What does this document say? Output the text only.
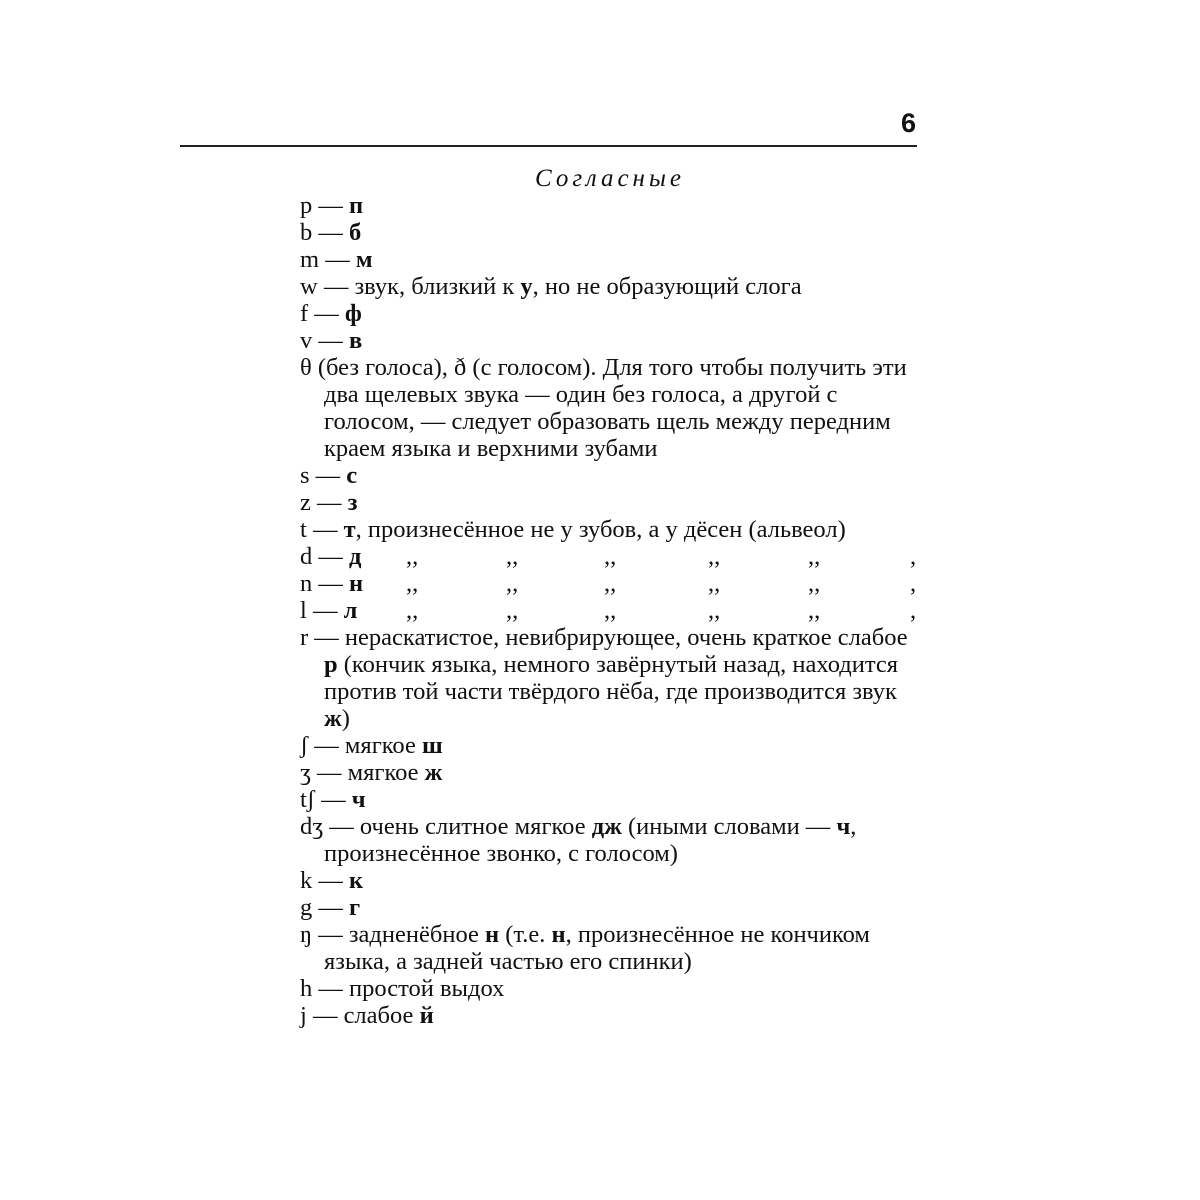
6
Согласные

p — п

b — б

m — м

w — звук, близкий к у, но не образующий слога

f — ф

v — в

θ (без голоса), ð (с голосом). Для того чтобы получить эти два щелевых звука — один без голоса, а другой с голосом, — следует образовать щель между передним краем языка и верхними зубами

s — с

z — з

t — т, произнесённое не у зубов, а у дёсен (альвеол)

d — д	,,	,,	,,	,,	,,	,

n — н	,,	,,	,,	,,	,,	,

l — л	,,	,,	,,	,,	,,	,

r — нераскатистое, невибрирующее, очень краткое слабое р (кончик языка, немного завёрнутый назад, находится против той части твёрдого нёба, где производится звук ж)

ʃ — мягкое ш

ʒ — мягкое ж

tʃ — ч

dʒ — очень слитное мягкое дж (иными словами — ч, произнесённое звонко, с голосом)

k — к

g — г

ŋ — задненёбное н (т.е. н, произнесённое не кончиком языка, а задней частью его спинки)

h — простой выдох

j — слабое й
